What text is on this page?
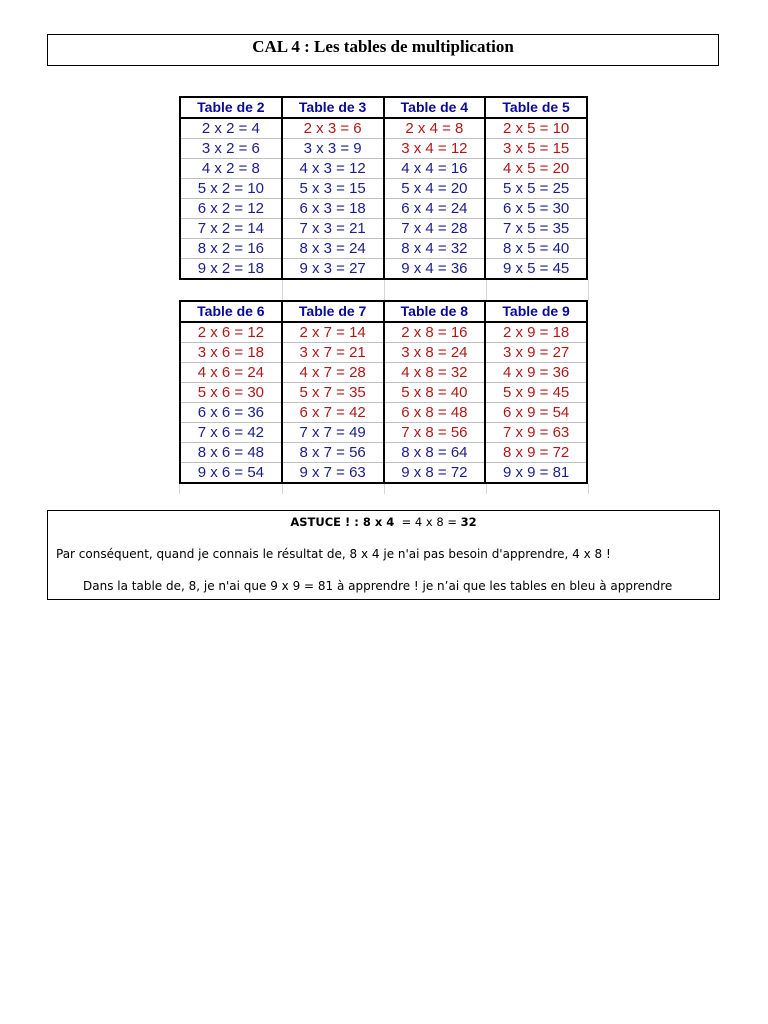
CAL 4 : Les tables de multiplication
Table de 2	Table de 3	Table de 4	Table de 5
2 x 2 = 4	2 x 3 = 6	2 x 4 = 8	2 x 5 = 10
3 x 2 = 6	3 x 3 = 9	3 x 4 = 12	3 x 5 = 15
4 x 2 = 8	4 x 3 = 12	4 x 4 = 16	4 x 5 = 20
5 x 2 = 10	5 x 3 = 15	5 x 4 = 20	5 x 5 = 25
6 x 2 = 12	6 x 3 = 18	6 x 4 = 24	6 x 5 = 30
7 x 2 = 14	7 x 3 = 21	7 x 4 = 28	7 x 5 = 35
8 x 2 = 16	8 x 3 = 24	8 x 4 = 32	8 x 5 = 40
9 x 2 = 18	9 x 3 = 27	9 x 4 = 36	9 x 5 = 45
Table de 6	Table de 7	Table de 8	Table de 9
2 x 6 = 12	2 x 7 = 14	2 x 8 = 16	2 x 9 = 18
3 x 6 = 18	3 x 7 = 21	3 x 8 = 24	3 x 9 = 27
4 x 6 = 24	4 x 7 = 28	4 x 8 = 32	4 x 9 = 36
5 x 6 = 30	5 x 7 = 35	5 x 8 = 40	5 x 9 = 45
6 x 6 = 36	6 x 7 = 42	6 x 8 = 48	6 x 9 = 54
7 x 6 = 42	7 x 7 = 49	7 x 8 = 56	7 x 9 = 63
8 x 6 = 48	8 x 7 = 56	8 x 8 = 64	8 x 9 = 72
9 x 6 = 54	9 x 7 = 63	9 x 8 = 72	9 x 9 = 81
ASTUCE ! : 8 x 4  = 4 x 8 = 32
Par conséquent, quand je connais le résultat de, 8 x 4 je n'ai pas besoin d'apprendre, 4 x 8 !
Dans la table de, 8, je n'ai que 9 x 9 = 81 à apprendre ! je n’ai que les tables en bleu à apprendre
